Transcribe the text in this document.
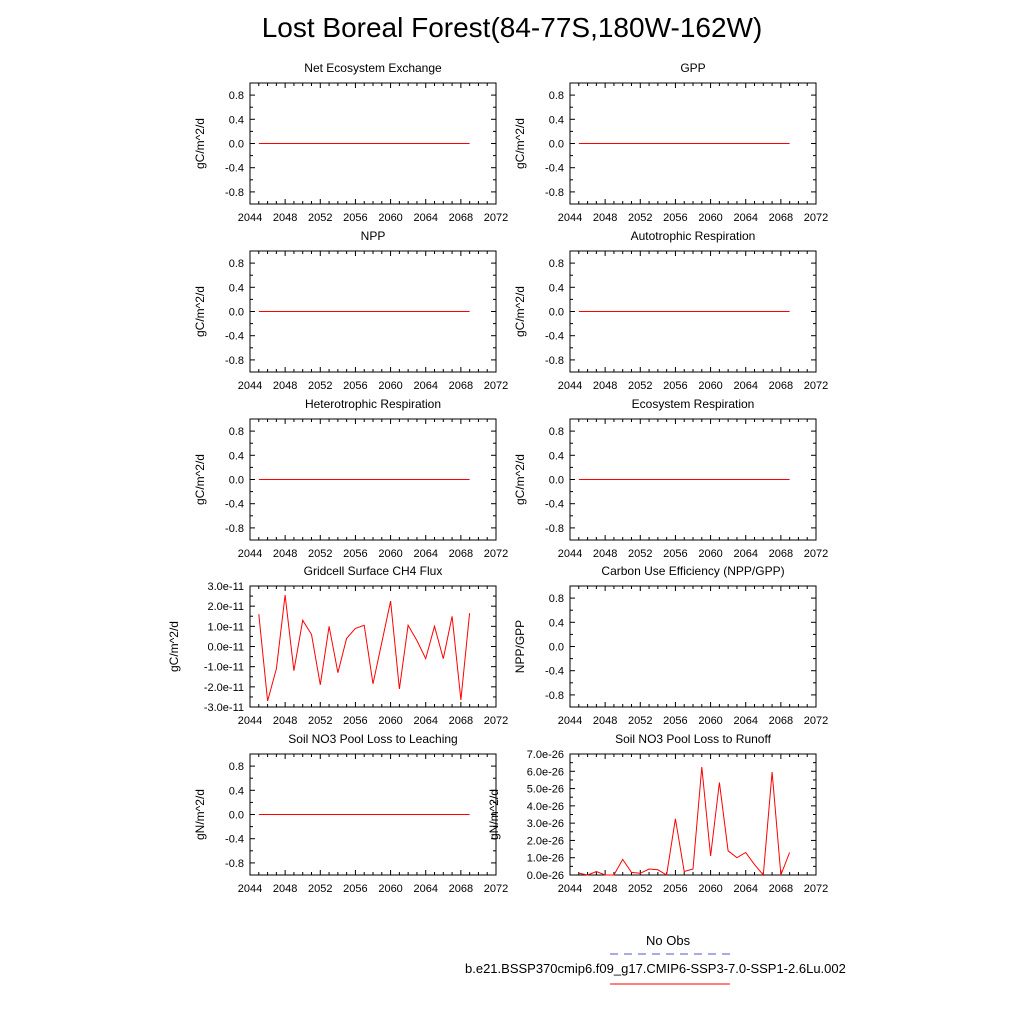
Lost Boreal Forest(84-77S,180W-162W)
Net Ecosystem Exchange
2044 2048 2052 2056 2060 2064 2068 2072
-0.8
-0.4
0.0
0.4
0.8
gC/m^2/d
GPP
2044 2048 2052 2056 2060 2064 2068 2072
-0.8
-0.4
0.0
0.4
0.8
gC/m^2/d
NPP
2044 2048 2052 2056 2060 2064 2068 2072
-0.8
-0.4
0.0
0.4
0.8
gC/m^2/d
Autotrophic Respiration
2044 2048 2052 2056 2060 2064 2068 2072
-0.8
-0.4
0.0
0.4
0.8
gC/m^2/d
Heterotrophic Respiration
2044 2048 2052 2056 2060 2064 2068 2072
-0.8
-0.4
0.0
0.4
0.8
gC/m^2/d
Ecosystem Respiration
2044 2048 2052 2056 2060 2064 2068 2072
-0.8
-0.4
0.0
0.4
0.8
gC/m^2/d
Gridcell Surface CH4 Flux
2044 2048 2052 2056 2060 2064 2068 2072
-3.0e-11
-2.0e-11
-1.0e-11
0.0e-11
1.0e-11
2.0e-11
3.0e-11
gC/m^2/d
Carbon Use Efficiency (NPP/GPP)
2044 2048 2052 2056 2060 2064 2068 2072
-0.8
-0.4
0.0
0.4
0.8
NPP/GPP
Soil NO3 Pool Loss to Leaching
2044 2048 2052 2056 2060 2064 2068 2072
-0.8
-0.4
0.0
0.4
0.8
gN/m^2/d
Soil NO3 Pool Loss to Runoff
2044 2048 2052 2056 2060 2064 2068 2072
0.0e-26
1.0e-26
2.0e-26
3.0e-26
4.0e-26
5.0e-26
6.0e-26
7.0e-26
gN/m^2/d
No Obs
b.e21.BSSP370cmip6.f09_g17.CMIP6-SSP3-7.0-SSP1-2.6Lu.002
